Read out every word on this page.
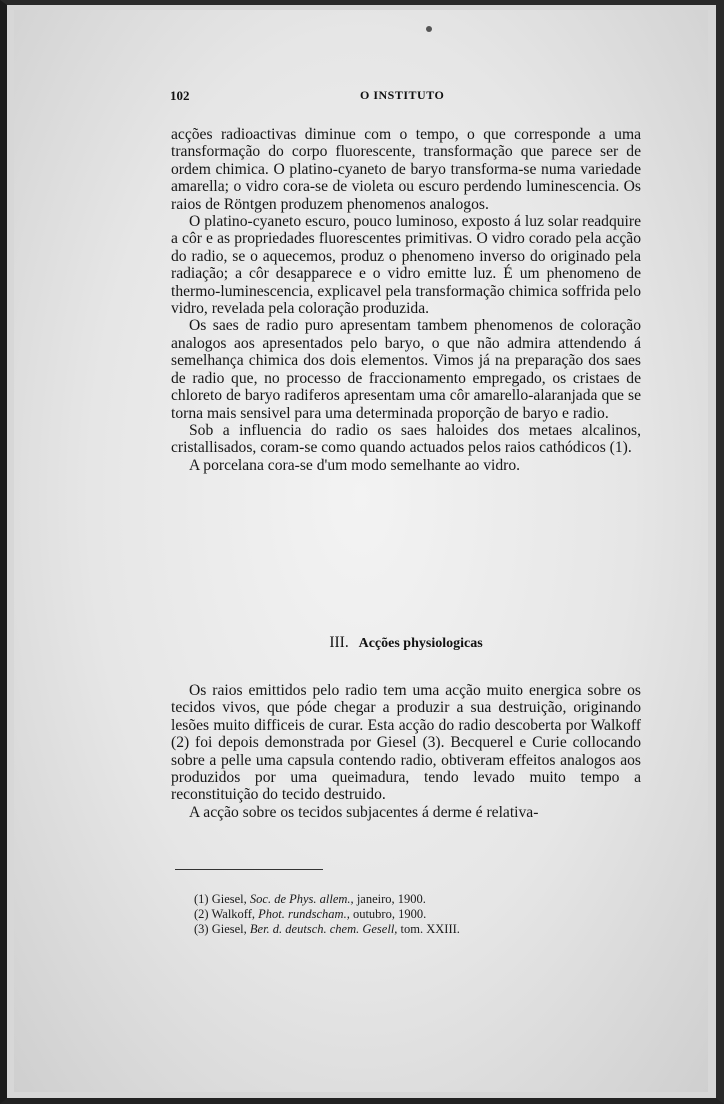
102	O INSTITUTO

acções radioactivas diminue com o tempo, o que corresponde a uma transformação do corpo fluorescente, transformação que parece ser de ordem chimica. O platino-cyaneto de baryo transforma-se numa variedade amarella; o vidro cora-se de violeta ou escuro perdendo luminescencia. Os raios de Röntgen produzem phenomenos analogos.

O platino-cyaneto escuro, pouco luminoso, exposto á luz solar readquire a côr e as propriedades fluorescentes primitivas. O vidro corado pela acção do radio, se o aquecemos, produz o phenomeno inverso do originado pela radiação; a côr desapparece e o vidro emitte luz. É um phenomeno de thermo-luminescencia, explicavel pela transformação chimica soffrida pelo vidro, revelada pela coloração produzida.

Os saes de radio puro apresentam tambem phenomenos de coloração analogos aos apresentados pelo baryo, o que não admira attendendo á semelhança chimica dos dois elementos. Vimos já na preparação dos saes de radio que, no processo de fraccionamento empregado, os cristaes de chloreto de baryo radiferos apresentam uma côr amarello-alaranjada que se torna mais sensivel para uma determinada proporção de baryo e radio.

Sob a influencia do radio os saes haloides dos metaes alcalinos, cristallisados, coram-se como quando actuados pelos raios cathódicos (1).

A porcelana cora-se d'um modo semelhante ao vidro.

III. Acções physiologicas

Os raios emittidos pelo radio tem uma acção muito energica sobre os tecidos vivos, que póde chegar a produzir a sua destruição, originando lesões muito difficeis de curar. Esta acção do radio descoberta por Walkoff (2) foi depois demonstrada por Giesel (3). Becquerel e Curie collocando sobre a pelle uma capsula contendo radio, obtiveram effeitos analogos aos produzidos por uma queimadura, tendo levado muito tempo a reconstituição do tecido destruido.

A acção sobre os tecidos subjacentes á derme é relativa-

(1) Giesel, Soc. de Phys. allem., janeiro, 1900.
(2) Walkoff, Phot. rundscham., outubro, 1900.
(3) Giesel, Ber. d. deutsch. chem. Gesell, tom. XXIII.
